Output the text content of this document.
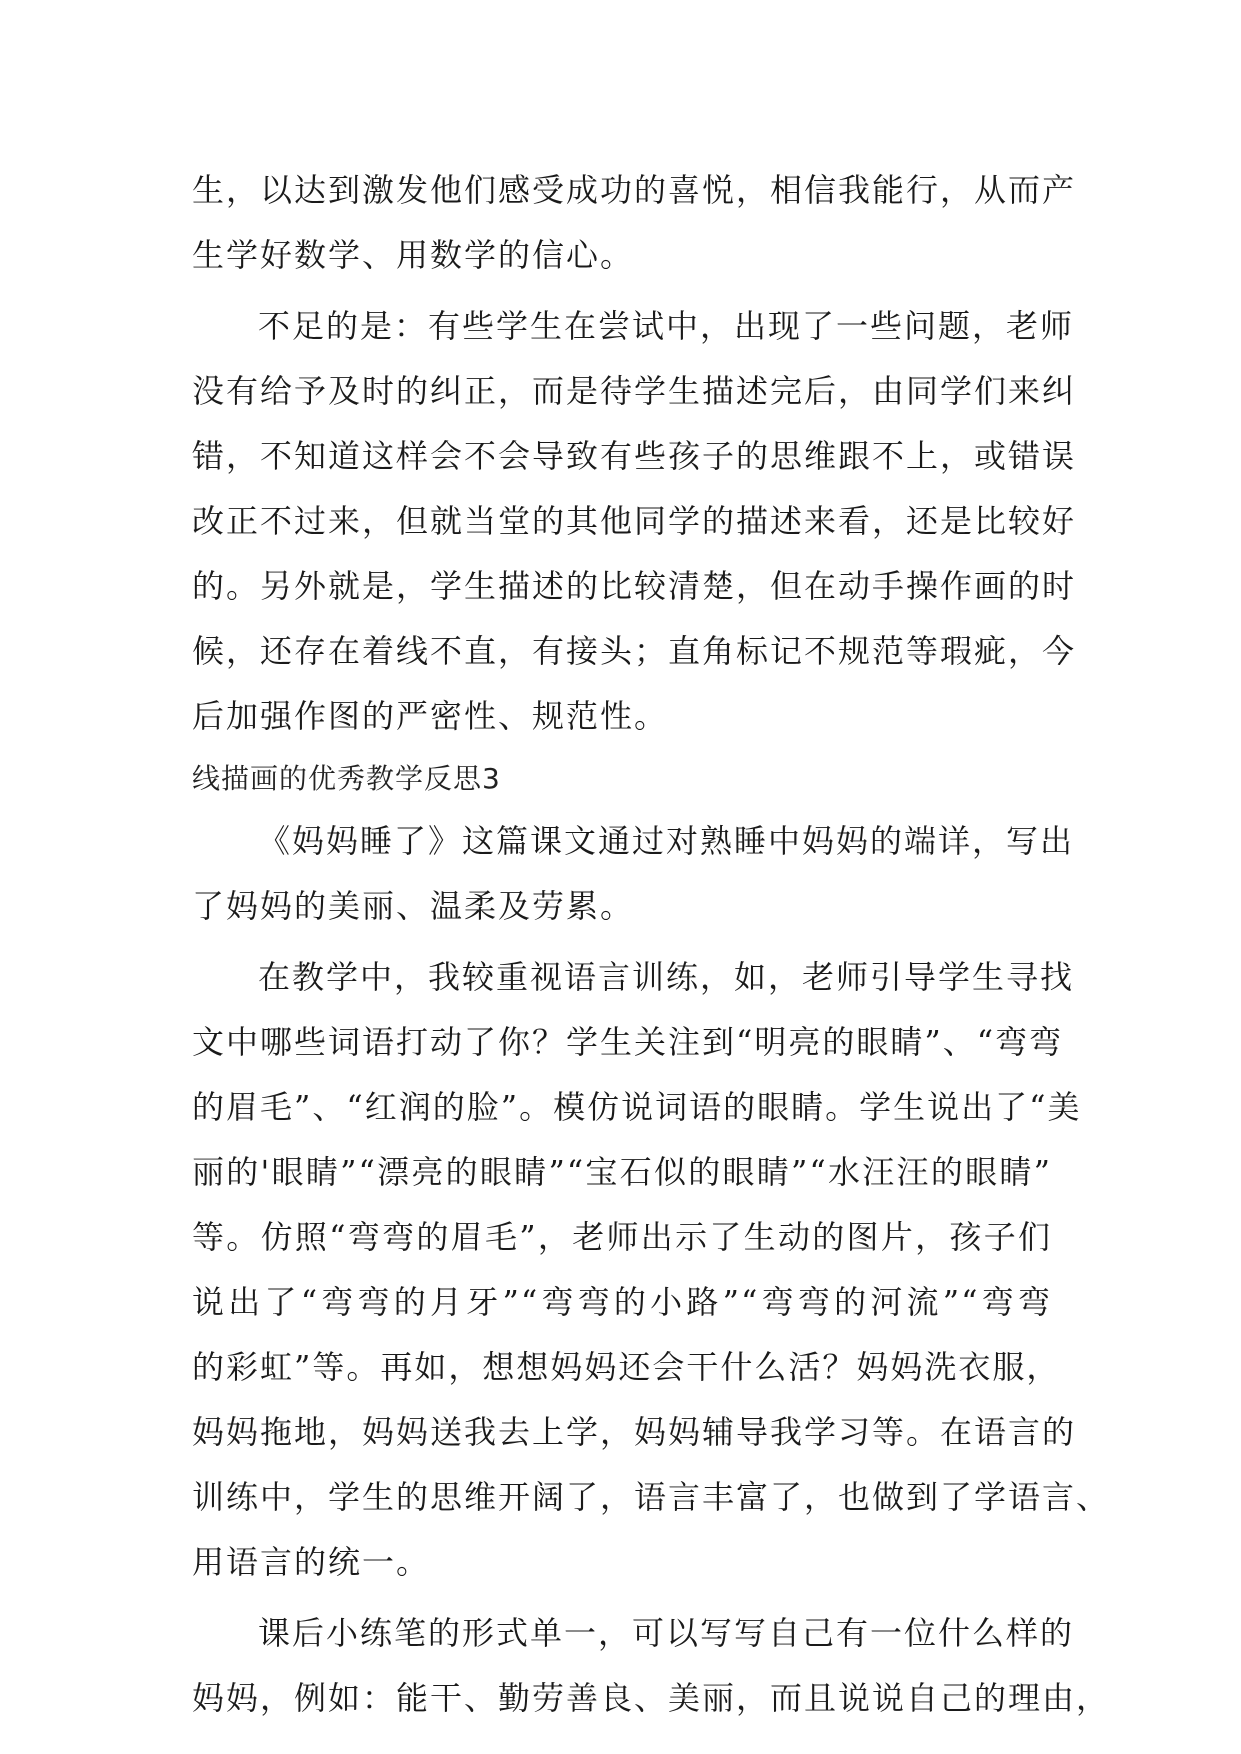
生，以达到激发他们感受成功的喜悦，相信我能行，从而产
生学好数学、用数学的信心。
不足的是：有些学生在尝试中，出现了一些问题，老师
没有给予及时的纠正，而是待学生描述完后，由同学们来纠
错，不知道这样会不会导致有些孩子的思维跟不上，或错误
改正不过来，但就当堂的其他同学的描述来看，还是比较好
的。另外就是，学生描述的比较清楚，但在动手操作画的时
候，还存在着线不直，有接头；直角标记不规范等瑕疵，今
后加强作图的严密性、规范性。
线描画的优秀教学反思3
《妈妈睡了》这篇课文通过对熟睡中妈妈的端详，写出
了妈妈的美丽、温柔及劳累。
在教学中，我较重视语言训练，如，老师引导学生寻找
文中哪些词语打动了你？学生关注到“明亮的眼睛”、“弯弯
的眉毛”、“红润的脸”。模仿说词语的眼睛。学生说出了“美
丽的'眼睛”“漂亮的眼睛”“宝石似的眼睛”“水汪汪的眼睛”
等。仿照“弯弯的眉毛”，老师出示了生动的图片，孩子们
说出了“弯弯的月牙”“弯弯的小路”“弯弯的河流”“弯弯
的彩虹”等。再如，想想妈妈还会干什么活？妈妈洗衣服，
妈妈拖地，妈妈送我去上学，妈妈辅导我学习等。在语言的
训练中，学生的思维开阔了，语言丰富了，也做到了学语言、
用语言的统一。
课后小练笔的形式单一，可以写写自己有一位什么样的
妈妈，例如：能干、勤劳善良、美丽，而且说说自己的理由，
